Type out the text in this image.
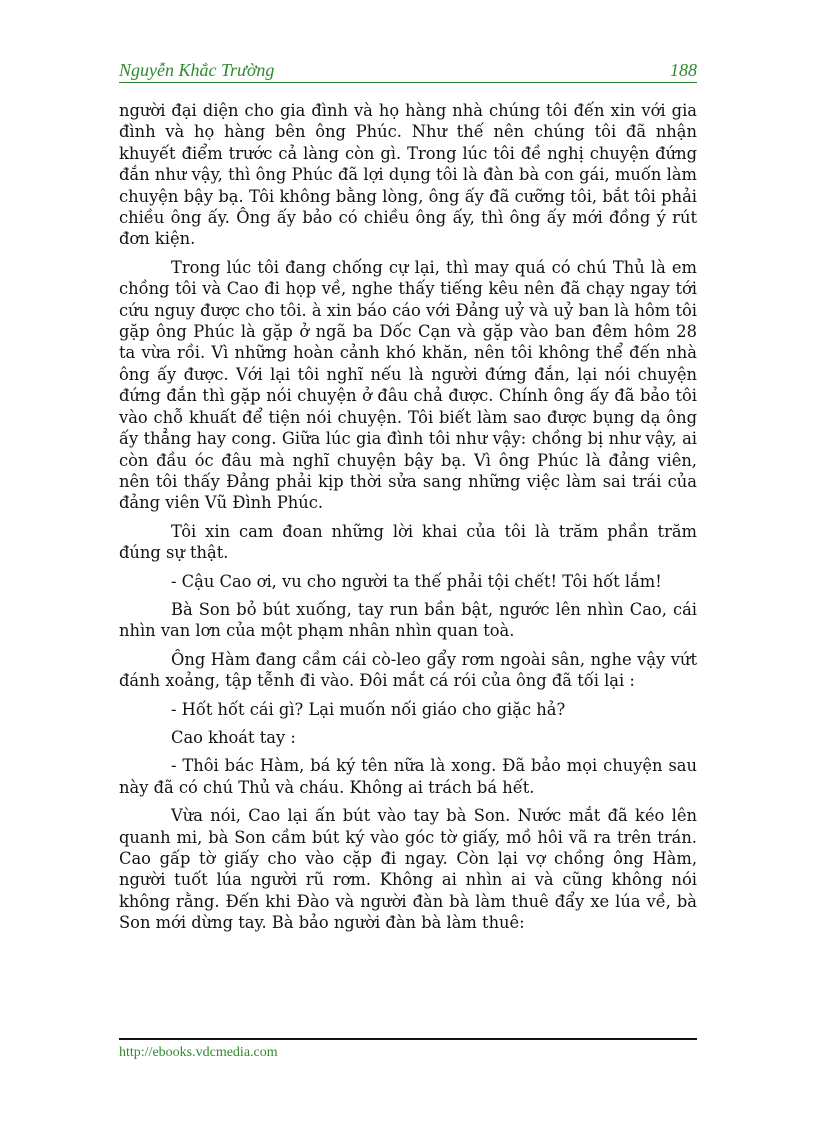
Nguyễn Khắc Trường	188

người đại diện cho gia đình và họ hàng nhà chúng tôi đến xin với gia đình và họ hàng bên ông Phúc. Như thế nên chúng tôi đã nhận khuyết điểm trước cả làng còn gì. Trong lúc tôi đề nghị chuyện đứng đắn như vậy, thì ông Phúc đã lợi dụng tôi là đàn bà con gái, muốn làm chuyện bậy bạ. Tôi không bằng lòng, ông ấy đã cưỡng tôi, bắt tôi phải chiều ông ấy. Ông ấy bảo có chiều ông ấy, thì ông ấy mới đồng ý rút đơn kiện.

Trong lúc tôi đang chống cự lại, thì may quá có chú Thủ là em chồng tôi và Cao đi họp về, nghe thấy tiếng kêu nên đã chạy ngay tới cứu nguy được cho tôi. à xin báo cáo với Đảng uỷ và uỷ ban là hôm tôi gặp ông Phúc là gặp ở ngã ba Dốc Cạn và gặp vào ban đêm hôm 28 ta vừa rồi. Vì những hoàn cảnh khó khăn, nên tôi không thể đến nhà ông ấy được. Với lại tôi nghĩ nếu là người đứng đắn, lại nói chuyện đứng đắn thì gặp nói chuyện ở đâu chả được. Chính ông ấy đã bảo tôi vào chỗ khuất để tiện nói chuyện. Tôi biết làm sao được bụng dạ ông ấy thẳng hay cong. Giữa lúc gia đình tôi như vậy: chồng bị như vậy, ai còn đầu óc đâu mà nghĩ chuyện bậy bạ. Vì ông Phúc là đảng viên, nên tôi thấy Đảng phải kịp thời sửa sang những việc làm sai trái của đảng viên Vũ Đình Phúc.

Tôi xin cam đoan những lời khai của tôi là trăm phần trăm đúng sự thật.

- Cậu Cao ơi, vu cho người ta thế phải tội chết! Tôi hốt lắm!

Bà Son bỏ bút xuống, tay run bần bật, ngước lên nhìn Cao, cái nhìn van lơn của một phạm nhân nhìn quan toà.

Ông Hàm đang cầm cái cò-leo gẩy rơm ngoài sân, nghe vậy vứt đánh xoảng, tập tễnh đi vào. Đôi mắt cá rói của ông đã tối lại :

- Hốt hốt cái gì? Lại muốn nối giáo cho giặc hả?

Cao khoát tay :

- Thôi bác Hàm, bá ký tên nữa là xong. Đã bảo mọi chuyện sau này đã có chú Thủ và cháu. Không ai trách bá hết.

Vừa nói, Cao lại ấn bút vào tay bà Son. Nước mắt đã kéo lên quanh mi, bà Son cầm bút ký vào góc tờ giấy, mồ hôi vã ra trên trán. Cao gấp tờ giấy cho vào cặp đi ngay. Còn lại vợ chồng ông Hàm, người tuốt lúa người rũ rơm. Không ai nhìn ai và cũng không nói không rằng. Đến khi Đào và người đàn bà làm thuê đẩy xe lúa về, bà Son mới dừng tay. Bà bảo người đàn bà làm thuê:

http://ebooks.vdcmedia.com
